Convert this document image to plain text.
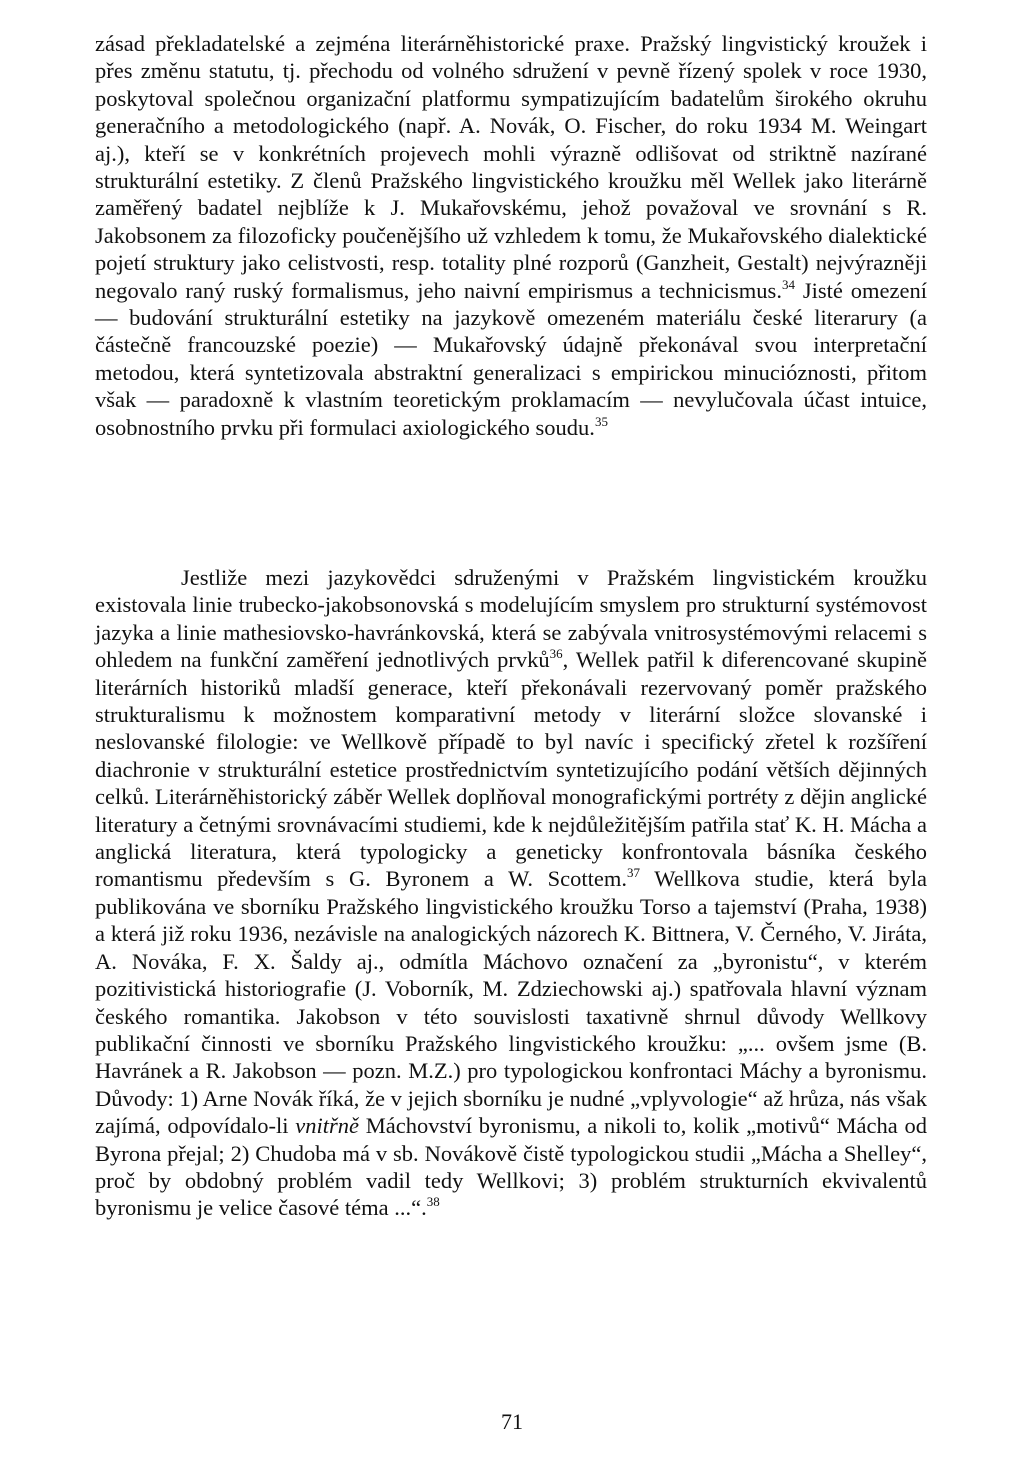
zásad překladatelské a zejména literárněhistorické praxe. Pražský lingvistický kroužek i přes změnu statutu, tj. přechodu od volného sdružení v pevně řízený spolek v roce 1930, poskytoval společnou organizační platformu sympatizujícím badatelům širokého okruhu generačního a metodologického (např. A. Novák, O. Fischer, do roku 1934 M. Weingart aj.), kteří se v konkrétních projevech mohli výrazně odlišovat od striktně nazírané strukturální estetiky. Z členů Pražského lingvistického kroužku měl Wellek jako literárně zaměřený badatel nejblíže k J. Mukařovskému, jehož považoval ve srovnání s R. Jakobsonem za filozoficky poučenějšího už vzhledem k tomu, že Mukařovského dialektické pojetí struktury jako celistvosti, resp. totality plné rozporů (Ganzheit, Gestalt) nejvýrazněji negovalo raný ruský formalismus, jeho naivní empirismus a technicismus.$^{34}$ Jisté omezení — budování strukturální estetiky na jazykově omezeném materiálu české literarury (a částečně francouzské poezie) — Mukařovský údajně překonával svou interpretační metodou, která syntetizovala abstraktní generalizaci s empirickou minucióznosti, přitom však — paradoxně k vlastním teoretickým proklamacím — nevylučovala účast intuice, osobnostního prvku při formulaci axiologického soudu.$^{35}$

Jestliže mezi jazykovědci sdruženými v Pražském lingvistickém kroužku existovala linie trubecko-jakobsonovská s modelujícím smyslem pro strukturní systémovost jazyka a linie mathesiovsko-havránkovská, která se zabývala vnitrosystémovými relacemi s ohledem na funkční zaměření jednotlivých prvků$^{36}$, Wellek patřil k diferencované skupině literárních historiků mladší generace, kteří překonávali rezervovaný poměr pražského strukturalismu k možnostem komparativní metody v literární složce slovanské i neslovanské filologie: ve Wellkově případě to byl navíc i specifický zřetel k rozšíření diachronie v strukturální estetice prostřednictvím syntetizujícího podání větších dějinných celků. Literárněhistorický záběr Wellek doplňoval monografickými portréty z dějin anglické literatury a četnými srovnávacími studiemi, kde k nejdůležitějším patřila stať K. H. Mácha a anglická literatura, která typologicky a geneticky konfrontovala básníka českého romantismu především s G. Byronem a W. Scottem.$^{37}$ Wellkova studie, která byla publikována ve sborníku Pražského lingvistického kroužku Torso a tajemství (Praha, 1938) a která již roku 1936, nezávisle na analogických názorech K. Bittnera, V. Černého, V. Jiráta, A. Nováka, F. X. Šaldy aj., odmítla Máchovo označení za „byronistu“, v kterém pozitivistická historiografie (J. Voborník, M. Zdziechowski aj.) spatřovala hlavní význam českého romantika. Jakobson v této souvislosti taxativně shrnul důvody Wellkovy publikační činnosti ve sborníku Pražského lingvistického kroužku: „... ovšem jsme (B. Havránek a R. Jakobson — pozn. M.Z.) pro typologickou konfrontaci Máchy a byronismu. Důvody: 1) Arne Novák říká, že v jejich sborníku je nudné „vplyvologie“ až hrůza, nás však zajímá, odpovídalo-li vnitřně Máchovství byronismu, a nikoli to, kolik „motivů“ Mácha od Byrona přejal; 2) Chudoba má v sb. Novákově čistě typologickou studii „Mácha a Shelley“, proč by obdobný problém vadil tedy Wellkovi; 3) problém strukturních ekvivalentů byronismu je velice časové téma ...“.$^{38}$

71
